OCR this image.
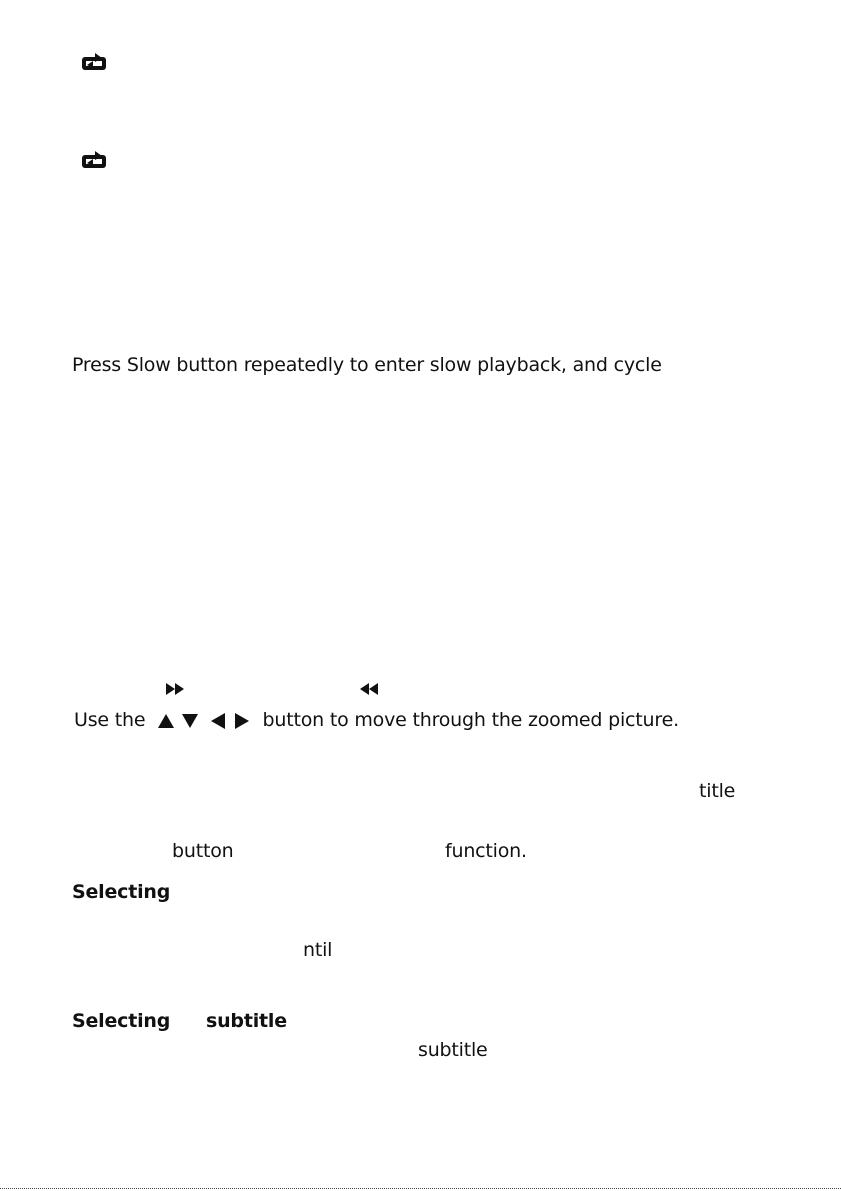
Press Slow button repeatedly to enter slow playback, and cycle
Use the	button to move through the zoomed picture.
title
button	function.
Selecting
ntil
Selecting subtitle
subtitle
